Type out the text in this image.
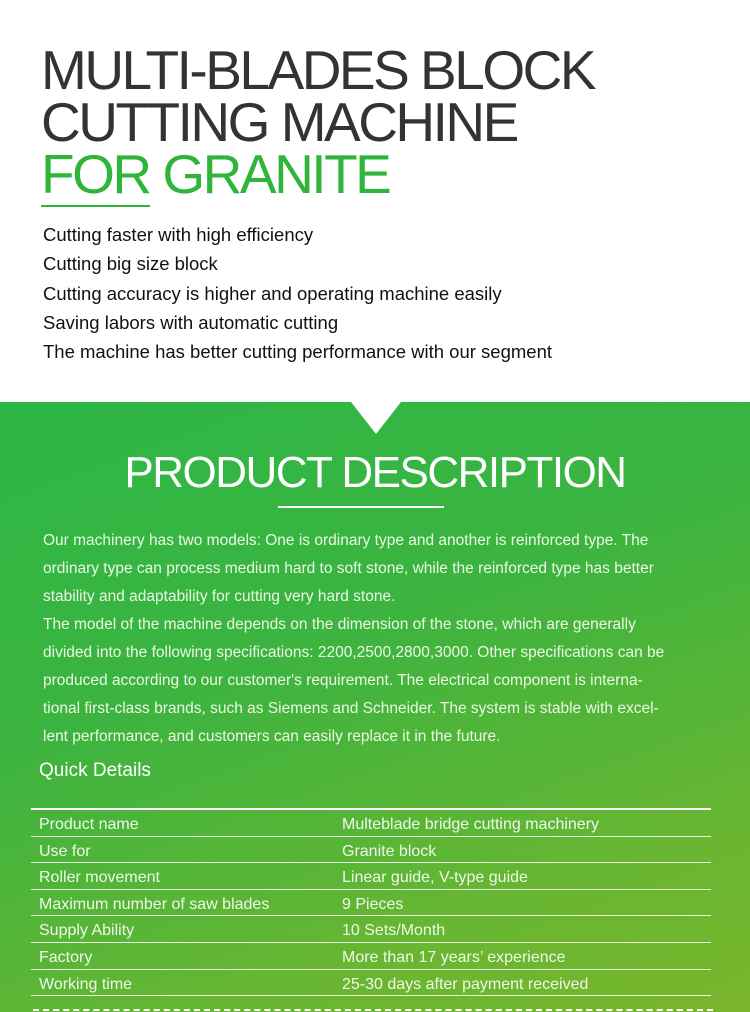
MULTI-BLADES BLOCK
CUTTING MACHINE
FOR GRANITE
Cutting faster with high efficiency
Cutting big size block
Cutting accuracy is higher and operating machine easily
Saving labors with automatic cutting
The machine has better cutting performance with our segment
PRODUCT DESCRIPTION
Our machinery has two models: One is ordinary type and another is reinforced type. The
ordinary type can process medium hard to soft stone, while the reinforced type has better
stability and adaptability for cutting very hard stone.
The model of the machine depends on the dimension of the stone, which are generally
divided into the following specifications: 2200,2500,2800,3000. Other specifications can be
produced according to our customer's requirement. The electrical component is interna-
tional first-class brands, such as Siemens and Schneider. The system is stable with excel-
lent performance, and customers can easily replace it in the future.
Quick Details
Product name	Multeblade bridge cutting machinery
Use for	Granite block
Roller movement	Linear guide, V-type guide
Maximum number of saw blades	9 Pieces
Supply Ability	10 Sets/Month
Factory	More than 17 years’ experience
Working time	25-30 days after payment received
